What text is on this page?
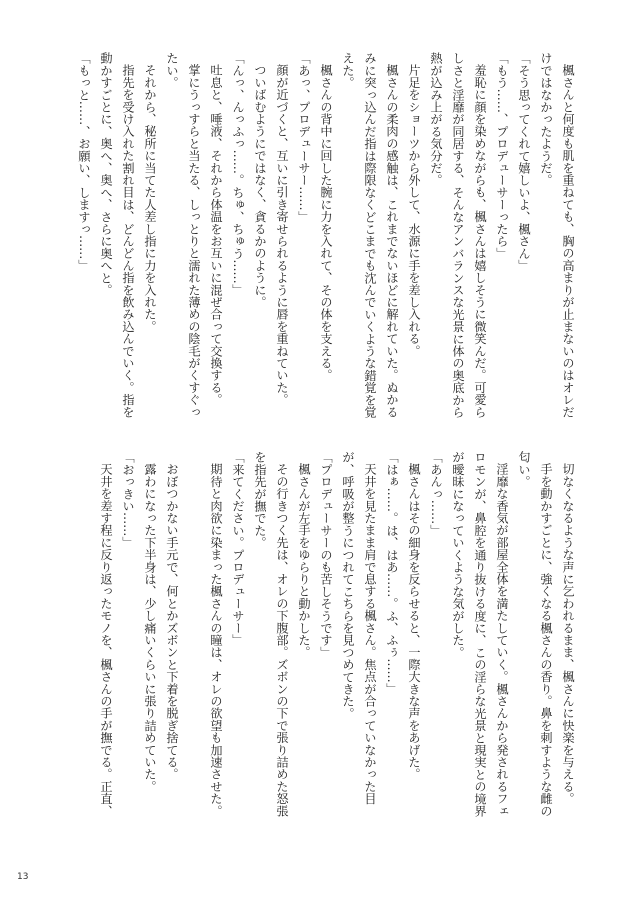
楓さんと何度も肌を重ねても、胸の高まりが止まないのはオレだ
けではなかったようだ。
「そう思ってくれて嬉しいよ、楓さん」
「もう……、プロデューサーったら」
羞恥に顔を染めながらも、楓さんは嬉しそうに微笑んだ。可愛ら
しさと淫靡が同居する、そんなアンバランスな光景に体の奥底から
熱が込み上がる気分だ。
片足をショーツから外して、水源に手を差し入れる。
楓さんの柔肉の感触は、これまでないほどに解れていた。ぬかる
みに突っ込んだ指は際限なくどこまでも沈んでいくような錯覚を覚
えた。
楓さんの背中に回した腕に力を入れて、その体を支える。
「あっ、プロデューサー……」
顔が近づくと、互いに引き寄せられるように唇を重ねていた。
ついばむようにではなく、貪るかのように。
「んっ、んっふっ……。ちゅ、ちゅう……」
吐息と、唾液、それから体温をお互いに混ぜ合って交換する。
掌にうっすらと当たる、しっとりと濡れた薄めの陰毛がくすぐっ
たい。
それから、秘所に当てた人差し指に力を入れた。
指先を受け入れた割れ目は、どんどん指を飲み込んでいく。指を
動かすごとに、奥へ、奥へ、さらに奥へと。
「もっと……、お願い、しますっ……」
切なくなるような声に乞われるまま、楓さんに快楽を与える。
手を動かすごとに、強くなる楓さんの香り。鼻を刺すような雌の
匂い。
淫靡な香気が部屋全体を満たしていく。楓さんから発されるフェ
ロモンが、鼻腔を通り抜ける度に、この淫らな光景と現実との境界
が曖昧になっていくような気がした。
「あんっ……」
楓さんはその細身を反らせると、一際大きな声をあげた。
「はぁ……。は、はあ……。ふ、ふぅ……」
天井を見たまま肩で息する楓さん。焦点が合っていなかった目
が、呼吸が整うにつれてこちらを見つめてきた。
「プロデューサーのも苦しそうです」
楓さんが左手をゆらりと動かした。
その行きつく先は、オレの下腹部。ズボンの下で張り詰めた怒張
を指先が撫でた。
「来てください。プロデューサー」
期待と肉欲に染まった楓さんの瞳は、オレの欲望も加速させた。
おぼつかない手元で、何とかズボンと下着を脱ぎ捨てる。
露わになった下半身は、少し痛いくらいに張り詰めていた。
「おっきい……」
天井を差す程に反り返ったモノを、楓さんの手が撫でる。正直、
13
